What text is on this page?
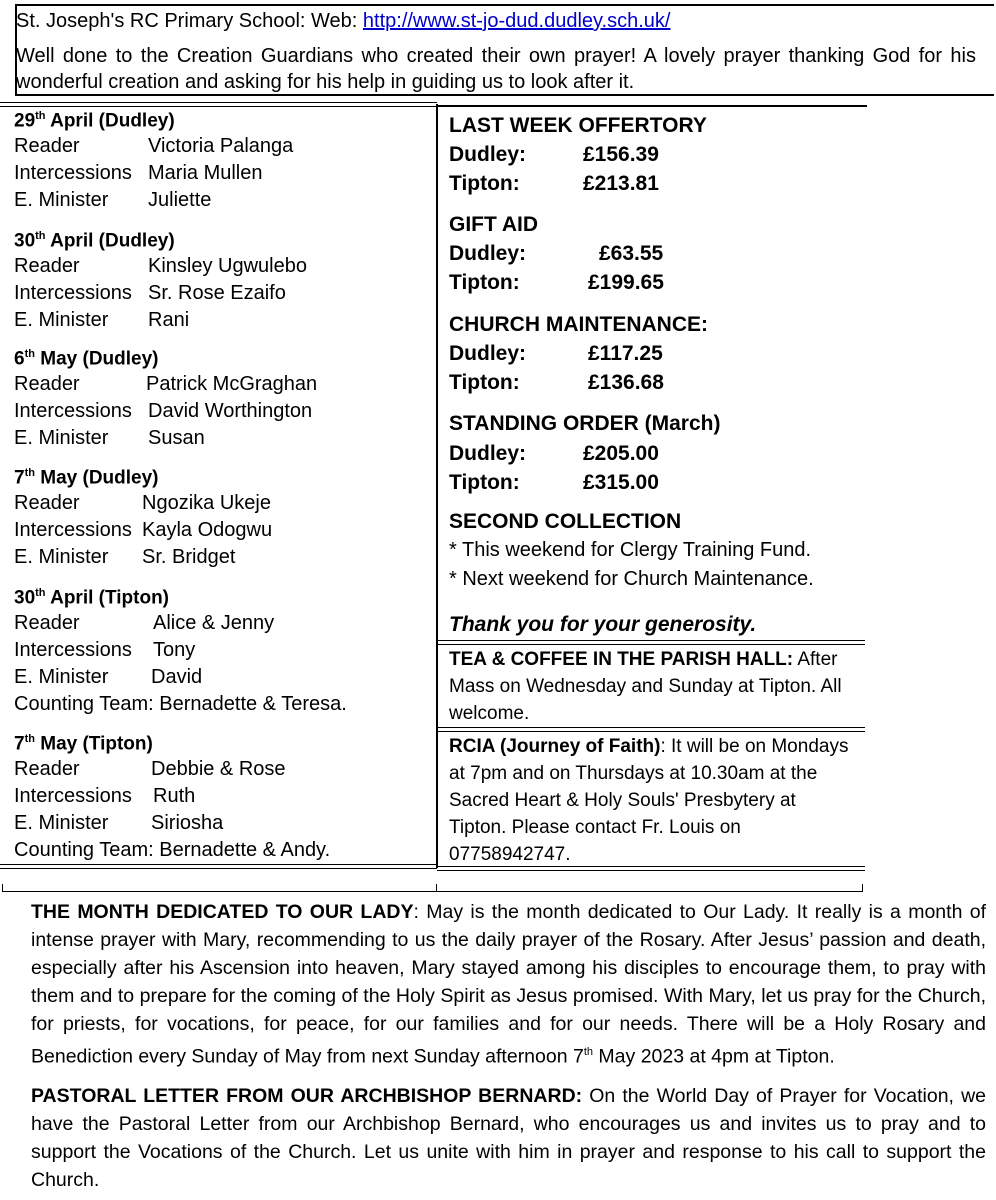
St. Joseph's RC Primary School: Web: http://www.st-jo-dud.dudley.sch.uk/
Well done to the Creation Guardians who created their own prayer! A lovely prayer thanking God for his
wonderful creation and asking for his help in guiding us to look after it.
29th April (Dudley)
Reader	Victoria Palanga
Intercessions Maria Mullen
E. Minister Juliette
30th April (Dudley)
Reader	Kinsley Ugwulebo
Intercessions Sr. Rose Ezaifo
E. Minister Rani
6th May (Dudley)
Reader	Patrick McGraghan
Intercessions David Worthington
E. Minister Susan
7th May (Dudley)
Reader	Ngozika Ukeje
Intercessions Kayla Odogwu
E. Minister Sr. Bridget
30th April (Tipton)
Reader	Alice & Jenny
Intercessions Tony
E. Minister David
Counting Team: Bernadette & Teresa.
7th May (Tipton)
Reader	Debbie & Rose
Intercessions Ruth
E. Minister Siriosha
Counting Team: Bernadette & Andy.
LAST WEEK OFFERTORY
Dudley:	£156.39
Tipton:	£213.81
GIFT AID
Dudley:	£63.55
Tipton:	£199.65
CHURCH MAINTENANCE:
Dudley:	£117.25
Tipton:	£136.68
STANDING ORDER (March)
Dudley:	£205.00
Tipton:	£315.00
SECOND COLLECTION
* This weekend for Clergy Training Fund.
* Next weekend for Church Maintenance.
Thank you for your generosity.
TEA & COFFEE IN THE PARISH HALL: After
Mass on Wednesday and Sunday at Tipton. All
welcome.
RCIA (Journey of Faith): It will be on Mondays
at 7pm and on Thursdays at 10.30am at the
Sacred Heart & Holy Souls' Presbytery at
Tipton. Please contact Fr. Louis on
07758942747.
THE MONTH DEDICATED TO OUR LADY: May is the month dedicated to Our Lady. It really is a month of
intense prayer with Mary, recommending to us the daily prayer of the Rosary. After Jesus’ passion and death,
especially after his Ascension into heaven, Mary stayed among his disciples to encourage them, to pray with
them and to prepare for the coming of the Holy Spirit as Jesus promised. With Mary, let us pray for the Church,
for priests, for vocations, for peace, for our families and for our needs. There will be a Holy Rosary and
Benediction every Sunday of May from next Sunday afternoon 7th May 2023 at 4pm at Tipton.
PASTORAL LETTER FROM OUR ARCHBISHOP BERNARD: On the World Day of Prayer for Vocation, we
have the Pastoral Letter from our Archbishop Bernard, who encourages us and invites us to pray and to
support the Vocations of the Church. Let us unite with him in prayer and response to his call to support the
Church.
